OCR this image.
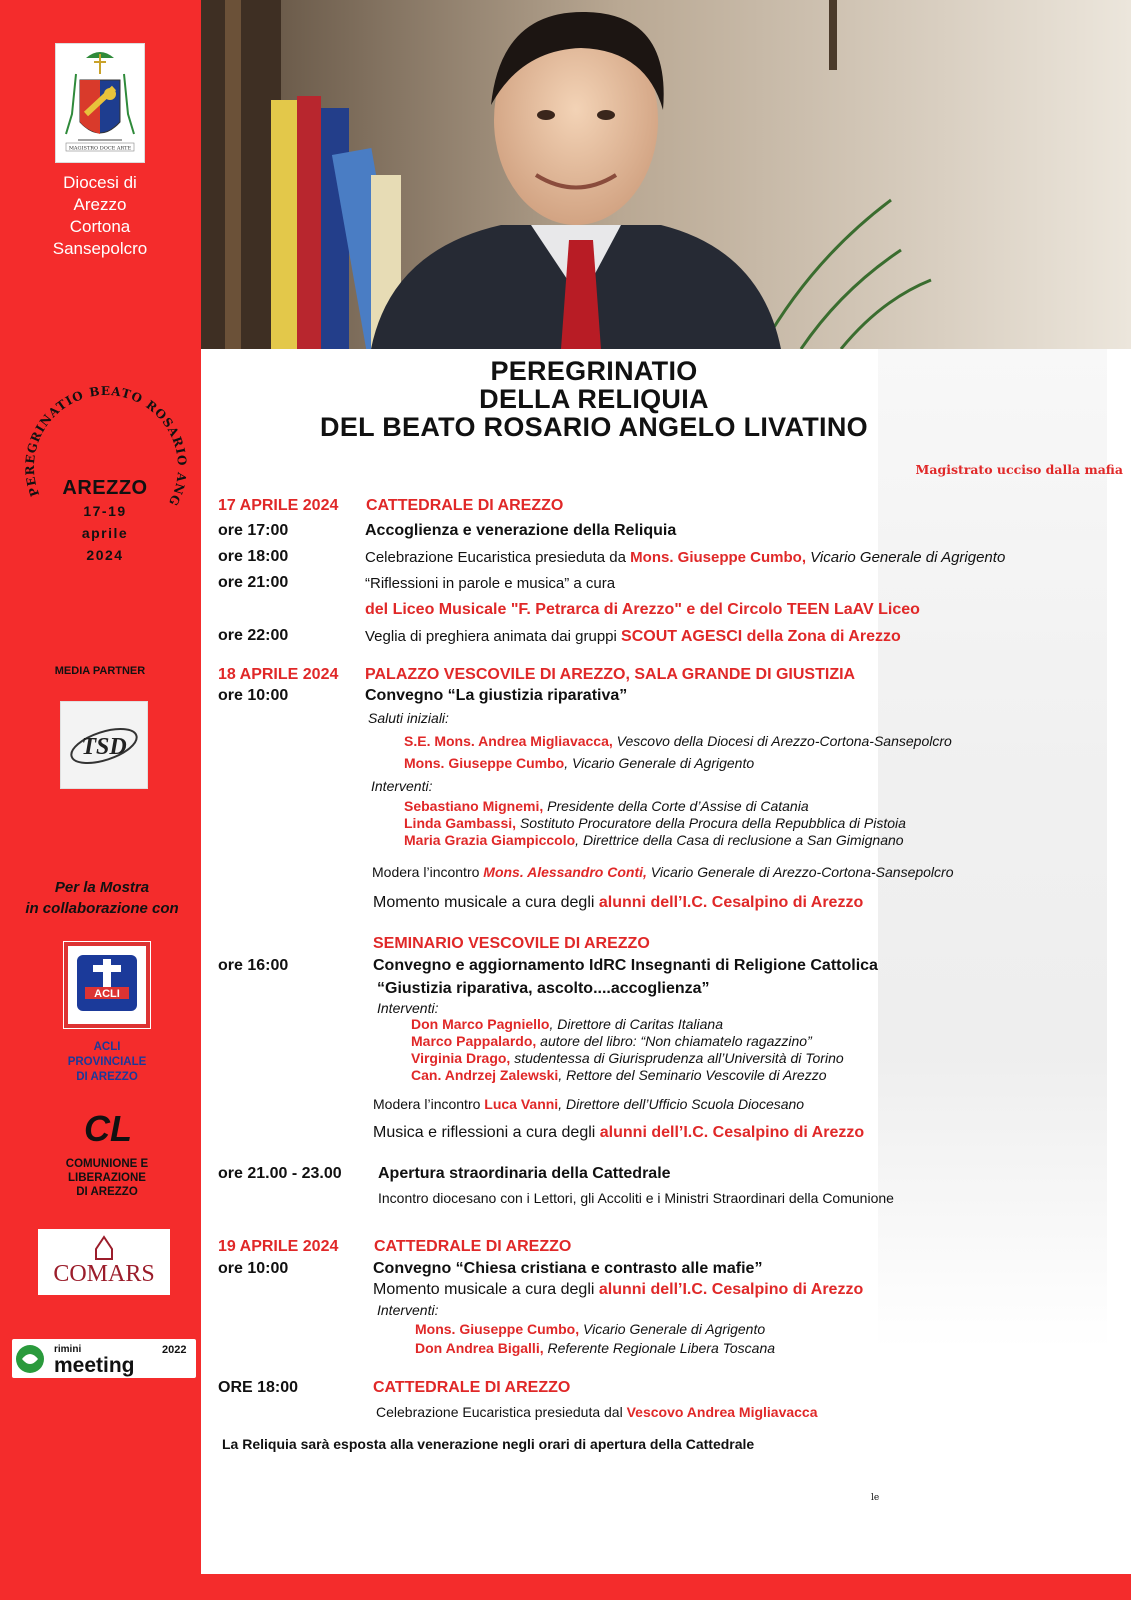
MAGISTRO DOCE ARTE
Diocesi di
Arezzo
Cortona
Sansepolcro
PEREGRINATIO BEATO ROSARIO ANG
AREZZO
17-19
aprile
2024
MEDIA PARTNER
TSD
Per la Mostra
in collaborazione con
ACLI
ACLI
PROVINCIALE
DI AREZZO
CL
COMUNIONE E
LIBERAZIONE
DI AREZZO
COMARS
rimini
meeting
2022
PEREGRINATIO
DELLA RELIQUIA
DEL BEATO ROSARIO ANGELO LIVATINO
Magistrato ucciso dalla mafia
17 APRILE 2024 CATTEDRALE DI AREZZO
ore 17:00	Accoglienza e venerazione della Reliquia
ore 18:00	Celebrazione Eucaristica presieduta da Mons. Giuseppe Cumbo, Vicario Generale di Agrigento
ore 21:00	“Riflessioni in parole e musica” a cura
del Liceo Musicale "F. Petrarca di Arezzo" e del Circolo TEEN LaAV Liceo
ore 22:00	Veglia di preghiera animata dai gruppi SCOUT AGESCI della Zona di Arezzo
18 APRILE 2024 PALAZZO VESCOVILE DI AREZZO, SALA GRANDE DI GIUSTIZIA
ore 10:00	Convegno “La giustizia riparativa”
Saluti iniziali:
S.E. Mons. Andrea Migliavacca, Vescovo della Diocesi di Arezzo-Cortona-Sansepolcro
Mons. Giuseppe Cumbo, Vicario Generale di Agrigento
Interventi:
Sebastiano Mignemi, Presidente della Corte d’Assise di Catania
Linda Gambassi, Sostituto Procuratore della Procura della Repubblica di Pistoia
Maria Grazia Giampiccolo, Direttrice della Casa di reclusione a San Gimignano
Modera l’incontro Mons. Alessandro Conti, Vicario Generale di Arezzo-Cortona-Sansepolcro
Momento musicale a cura degli alunni dell’I.C. Cesalpino di Arezzo
SEMINARIO VESCOVILE DI AREZZO
ore 16:00	Convegno e aggiornamento IdRC Insegnanti di Religione Cattolica
“Giustizia riparativa, ascolto....accoglienza”
Interventi:
Don Marco Pagniello, Direttore di Caritas Italiana
Marco Pappalardo, autore del libro: “Non chiamatelo ragazzino”
Virginia Drago, studentessa di Giurisprudenza all’Università di Torino
Can. Andrzej Zalewski, Rettore del Seminario Vescovile di Arezzo
Modera l’incontro Luca Vanni, Direttore dell’Ufficio Scuola Diocesano
Musica e riflessioni a cura degli alunni dell’I.C. Cesalpino di Arezzo
ore 21.00 - 23.00 Apertura straordinaria della Cattedrale
Incontro diocesano con i Lettori, gli Accoliti e i Ministri Straordinari della Comunione
19 APRILE 2024 CATTEDRALE DI AREZZO
ore 10:00	Convegno “Chiesa cristiana e contrasto alle mafie”
Momento musicale a cura degli alunni dell’I.C. Cesalpino di Arezzo
Interventi:
Mons. Giuseppe Cumbo, Vicario Generale di Agrigento
Don Andrea Bigalli, Referente Regionale Libera Toscana
ORE 18:00	CATTEDRALE DI AREZZO
Celebrazione Eucaristica presieduta dal Vescovo Andrea Migliavacca
La Reliquia sarà esposta alla venerazione negli orari di apertura della Cattedrale
le
